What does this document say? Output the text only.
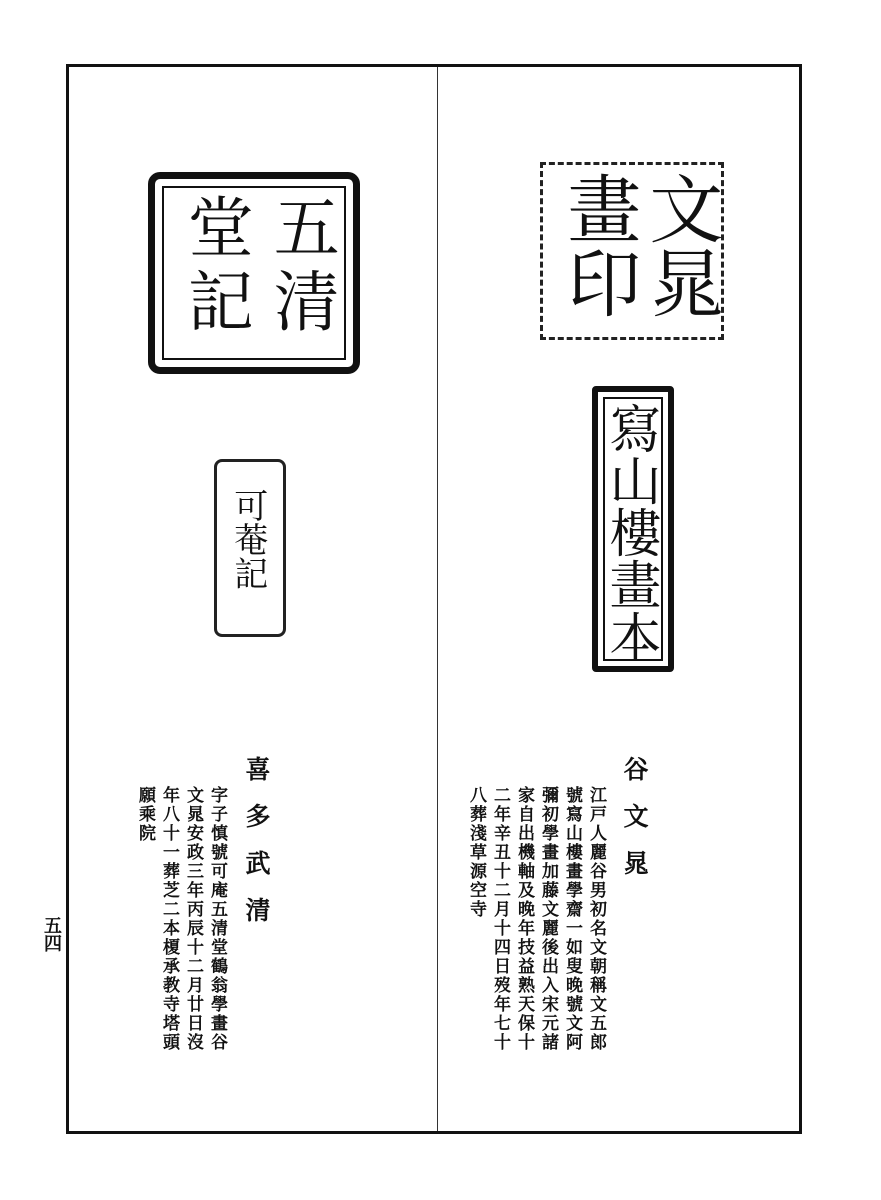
五清
堂記
可菴記
喜多武清
字子慎號可庵五清堂鶴翁學畫谷
文晁安政三年丙辰十二月廿日沒
年八十一葬芝二本榎承教寺塔頭
願乘院
文晁
畫印
寫山樓畫本
谷文晁
江戸人麗谷男初名文朝稱文五郎
號寫山樓畫學齋一如叟晚號文阿
彌初學畫加藤文麗後出入宋元諸
家自出機軸及晚年技益熟天保十
二年辛丑十二月十四日歿年七十
八葬淺草源空寺
五四
